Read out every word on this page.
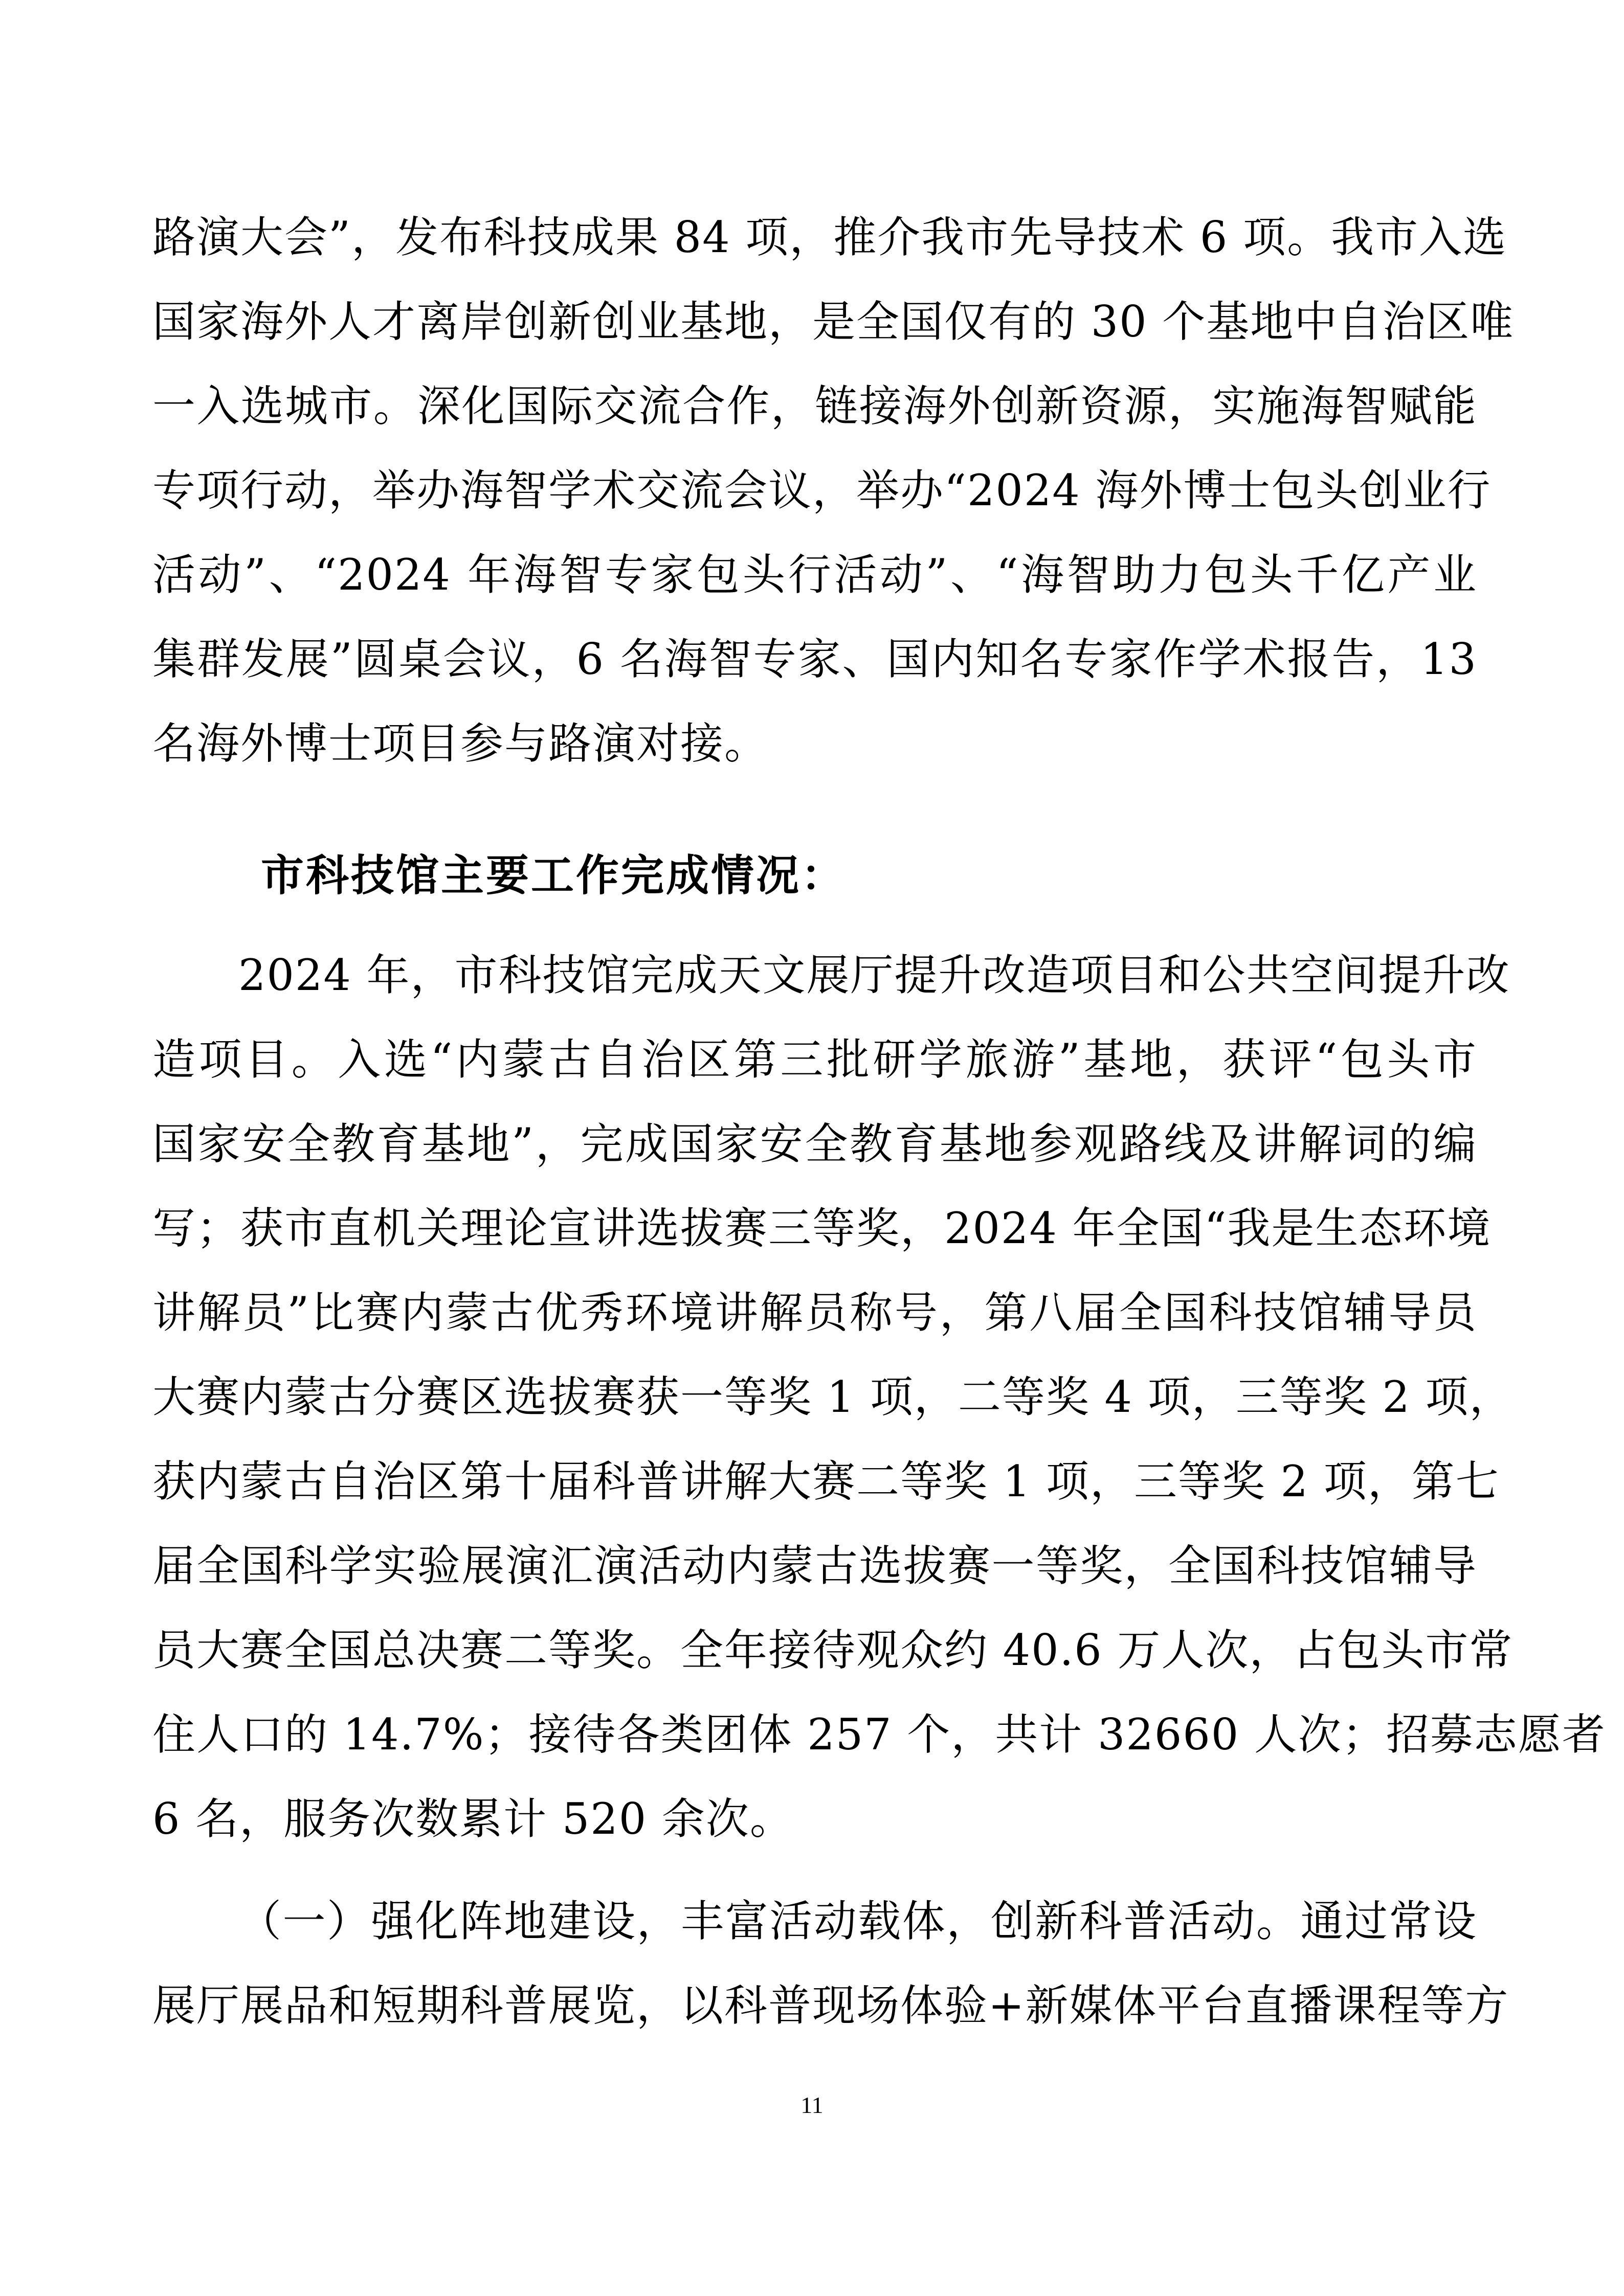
路演大会”，发布科技成果 84 项，推介我市先导技术 6 项。我市入选
国家海外人才离岸创新创业基地，是全国仅有的 30 个基地中自治区唯
一入选城市。深化国际交流合作，链接海外创新资源，实施海智赋能
专项行动，举办海智学术交流会议，举办“2024 海外博士包头创业行
活动”、“2024 年海智专家包头行活动”、“海智助力包头千亿产业
集群发展”圆桌会议，6 名海智专家、国内知名专家作学术报告，13
名海外博士项目参与路演对接。
市科技馆主要工作完成情况：
2024 年，市科技馆完成天文展厅提升改造项目和公共空间提升改
造项目。入选“内蒙古自治区第三批研学旅游”基地，获评“包头市
国家安全教育基地”，完成国家安全教育基地参观路线及讲解词的编
写；获市直机关理论宣讲选拔赛三等奖，2024 年全国“我是生态环境
讲解员”比赛内蒙古优秀环境讲解员称号，第八届全国科技馆辅导员
大赛内蒙古分赛区选拔赛获一等奖 1 项，二等奖 4 项，三等奖 2 项，
获内蒙古自治区第十届科普讲解大赛二等奖 1 项，三等奖 2 项，第七
届全国科学实验展演汇演活动内蒙古选拔赛一等奖，全国科技馆辅导
员大赛全国总决赛二等奖。全年接待观众约 40.6 万人次，占包头市常
住人口的 14.7%；接待各类团体 257 个，共计 32660 人次；招募志愿者
6 名，服务次数累计 520 余次。
（一）强化阵地建设，丰富活动载体，创新科普活动。通过常设
展厅展品和短期科普展览，以科普现场体验+新媒体平台直播课程等方
11
